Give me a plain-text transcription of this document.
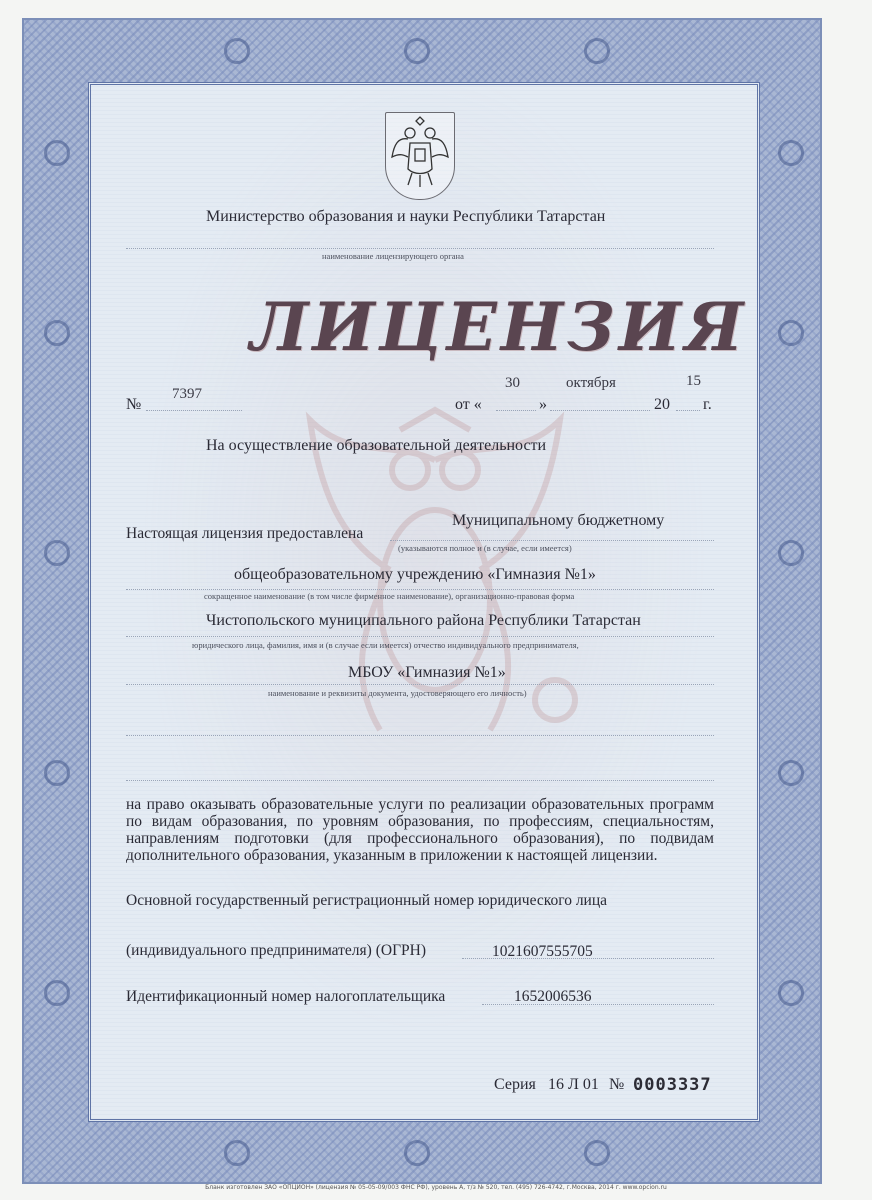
Министерство образования и науки Республики Татарстан
наименование лицензирующего органа
ЛИЦЕНЗИЯ
№
7397
от «
30
»
октября
20
15
г.
На осуществление образовательной деятельности
Настоящая лицензия предоставлена
Муниципальному бюджетному
(указываются полное и (в случае, если имеется)
общеобразовательному учреждению «Гимназия №1»
сокращенное наименование (в том числе фирменное наименование), организационно-правовая форма
Чистопольского муниципального района Республики Татарстан
юридического лица, фамилия, имя и (в случае если имеется) отчество индивидуального предпринимателя,
МБОУ «Гимназия №1»
наименование и реквизиты документа, удостоверяющего его личность)
на право оказывать образовательные услуги по реализации образовательных программ по видам образования, по уровням образования, по профессиям, специальностям, направлениям подготовки (для профессионального образования), по подвидам дополнительного образования, указанным в приложении к настоящей лицензии.
Основной государственный регистрационный номер юридического лица
(индивидуального предпринимателя) (ОГРН)	1021607555705
Идентификационный номер налогоплательщика	1652006536
Серия 16 Л 01 № 0003337
Бланк изготовлен ЗАО «ОПЦИОН» (лицензия № 05-05-09/003 ФНС РФ), уровень А, т/з № 520, тел. (495) 726-4742, г.Москва, 2014 г. www.opcion.ru
